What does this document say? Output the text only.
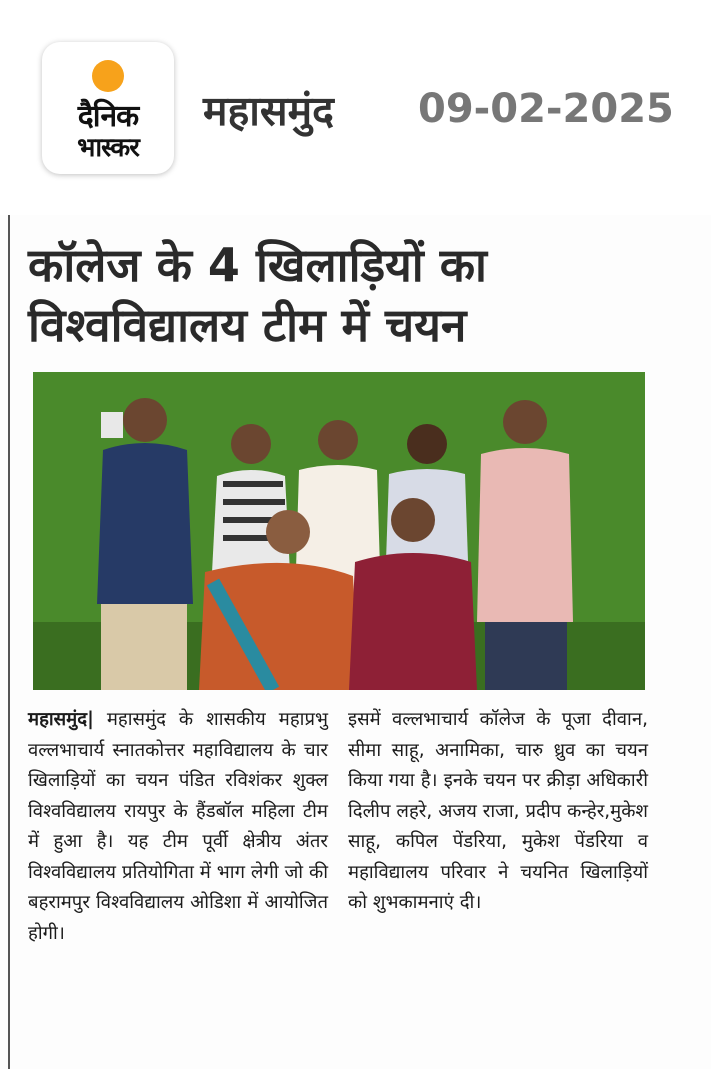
दैनिक
भास्कर
महासमुंद 09-02-2025
कॉलेज के 4 खिलाड़ियों का
विश्वविद्यालय टीम में चयन
महासमुंद| महासमुंद के शासकीय महाप्रभु वल्लभाचार्य स्नातकोत्तर महाविद्यालय के चार खिलाड़ियों का चयन पंडित रविशंकर शुक्ल विश्वविद्यालय रायपुर के हैंडबॉल महिला टीम में हुआ है। यह टीम पूर्वी क्षेत्रीय अंतर विश्वविद्यालय प्रतियोगिता में भाग लेगी जो की बहरामपुर विश्वविद्यालय ओडिशा में आयोजित होगी।
इसमें वल्लभाचार्य कॉलेज के पूजा दीवान, सीमा साहू, अनामिका, चारु ध्रुव का चयन किया गया है। इनके चयन पर क्रीड़ा अधिकारी दिलीप लहरे, अजय राजा, प्रदीप कन्हेर,मुकेश साहू, कपिल पेंडरिया, मुकेश पेंडरिया व महाविद्यालय परिवार ने चयनित खिलाड़ियों को शुभकामनाएं दी।
